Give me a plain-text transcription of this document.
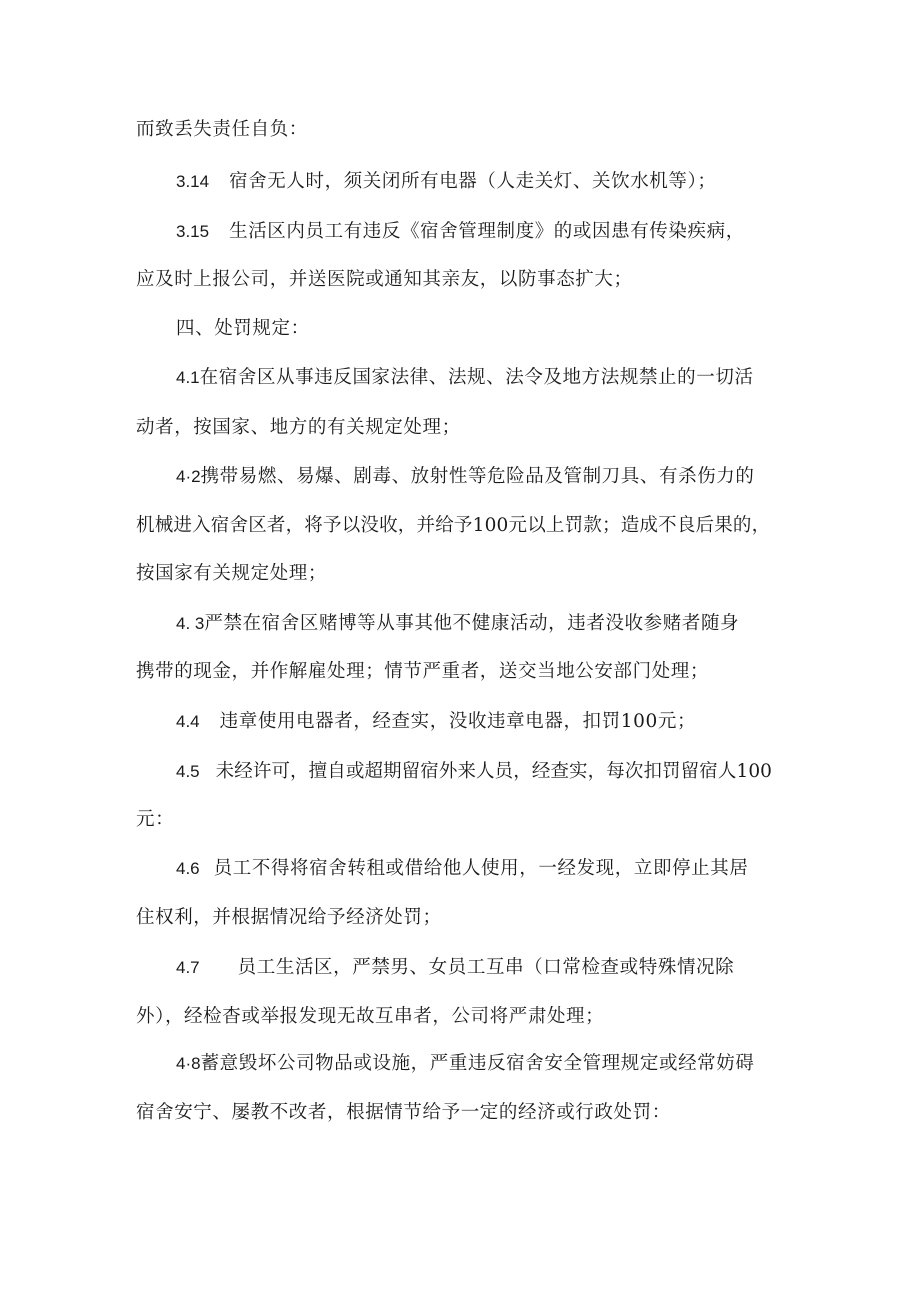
而致丢失责任自负：
3.14 宿舍无人时，须关闭所有电器（人走关灯、关饮水机等）；
3.15 生活区内员工有违反《宿舍管理制度》的或因患有传染疾病，
应及时上报公司，并送医院或通知其亲友，以防事态扩大；
四、处罚规定：
4.1在宿舍区从事违反国家法律、法规、法令及地方法规禁止的一切活
动者，按国家、地方的有关规定处理；
4·2携带易燃、易爆、剧毒、放射性等危险品及管制刀具、有杀伤力的
机械进入宿舍区者，将予以没收，并给予100元以上罚款；造成不良后果的，
按国家有关规定处理；
4. 3严禁在宿舍区赌博等从事其他不健康活动，违者没收参赌者随身
携带的现金，并作解雇处理；情节严重者，送交当地公安部门处理；
4.4 违章使用电器者，经查实，没收违章电器，扣罚100元；
4.5 未经许可，擅自或超期留宿外来人员，经查实，每次扣罚留宿人100
元：
4.6 员工不得将宿舍转租或借给他人使用，一经发现，立即停止其居
住权利，并根据情况给予经济处罚；
4.7 员工生活区，严禁男、女员工互串（口常检查或特殊情况除
外），经检杳或举报发现无故互串者，公司将严肃处理；
4·8蓄意毁坏公司物品或设施，严重违反宿舍安全管理规定或经常妨碍
宿舍安宁、屡教不改者，根据情节给予一定的经济或行政处罚：
